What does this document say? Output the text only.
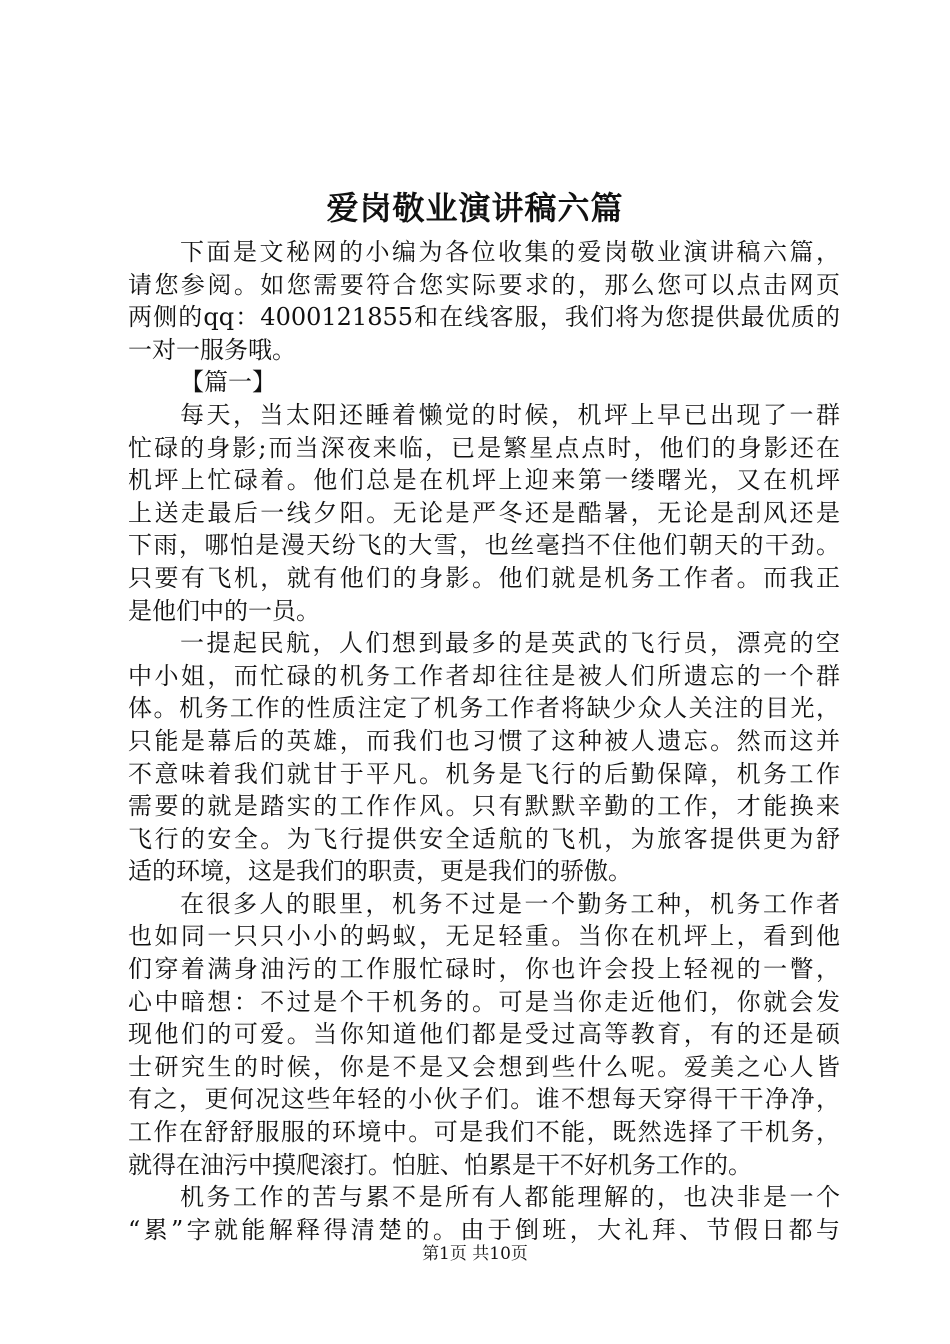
爱岗敬业演讲稿六篇
下面是文秘网的小编为各位收集的爱岗敬业演讲稿六篇，
请您参阅。如您需要符合您实际要求的，那么您可以点击网页
两侧的qq：4000121855和在线客服，我们将为您提供最优质的
一对一服务哦。
【篇一】
每天，当太阳还睡着懒觉的时候，机坪上早已出现了一群
忙碌的身影;而当深夜来临，已是繁星点点时，他们的身影还在
机坪上忙碌着。他们总是在机坪上迎来第一缕曙光，又在机坪
上送走最后一线夕阳。无论是严冬还是酷暑，无论是刮风还是
下雨，哪怕是漫天纷飞的大雪，也丝毫挡不住他们朝天的干劲。
只要有飞机，就有他们的身影。他们就是机务工作者。而我正
是他们中的一员。
一提起民航，人们想到最多的是英武的飞行员，漂亮的空
中小姐，而忙碌的机务工作者却往往是被人们所遗忘的一个群
体。机务工作的性质注定了机务工作者将缺少众人关注的目光，
只能是幕后的英雄，而我们也习惯了这种被人遗忘。然而这并
不意味着我们就甘于平凡。机务是飞行的后勤保障，机务工作
需要的就是踏实的工作作风。只有默默辛勤的工作，才能换来
飞行的安全。为飞行提供安全适航的飞机，为旅客提供更为舒
适的环境，这是我们的职责，更是我们的骄傲。
在很多人的眼里，机务不过是一个勤务工种，机务工作者
也如同一只只小小的蚂蚁，无足轻重。当你在机坪上，看到他
们穿着满身油污的工作服忙碌时，你也许会投上轻视的一瞥，
心中暗想：不过是个干机务的。可是当你走近他们，你就会发
现他们的可爱。当你知道他们都是受过高等教育，有的还是硕
士研究生的时候，你是不是又会想到些什么呢。爱美之心人皆
有之，更何况这些年轻的小伙子们。谁不想每天穿得干干净净，
工作在舒舒服服的环境中。可是我们不能，既然选择了干机务，
就得在油污中摸爬滚打。怕脏、怕累是干不好机务工作的。
机务工作的苦与累不是所有人都能理解的，也决非是一个
“累”字就能解释得清楚的。由于倒班，大礼拜、节假日都与
第1页 共10页
